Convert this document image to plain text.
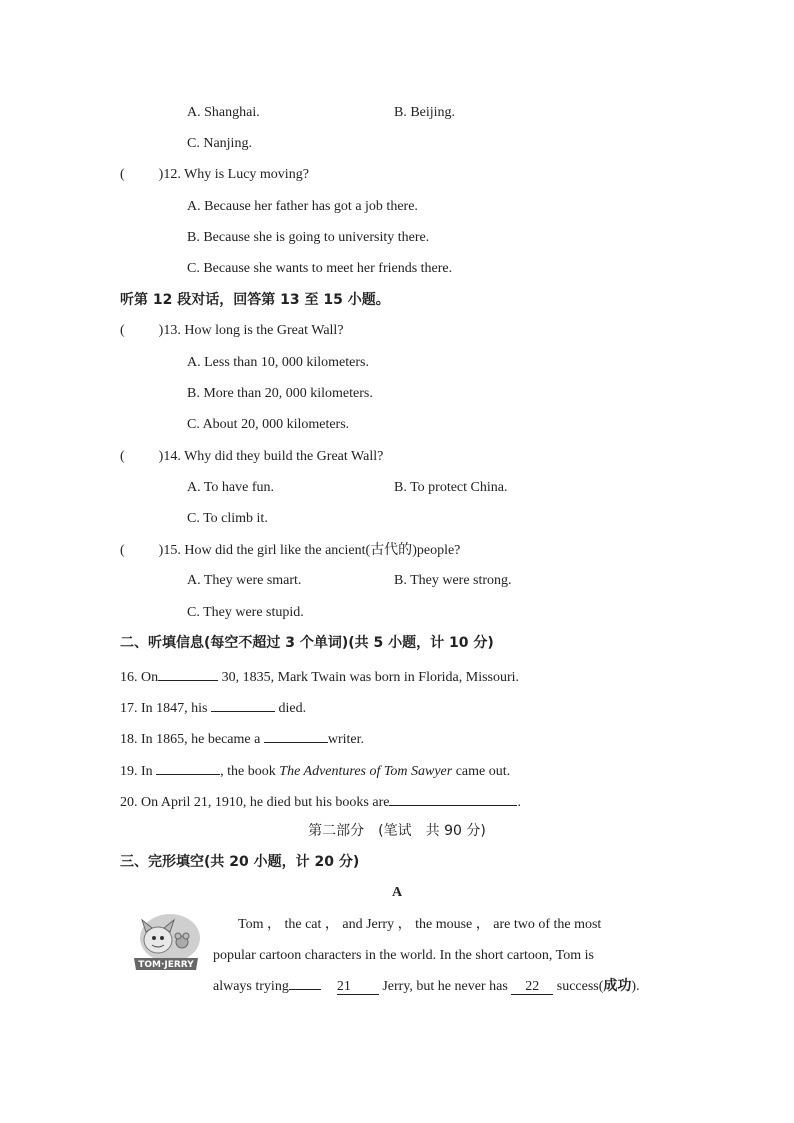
A. Shanghai.	B. Beijing.
C. Nanjing.
( )12. Why is Lucy moving?
A. Because her father has got a job there.
B. Because she is going to university there.
C. Because she wants to meet her friends there.
听第 12 段对话，回答第 13 至 15 小题。
( )13. How long is the Great Wall?
A. Less than 10, 000 kilometers.
B. More than 20, 000 kilometers.
C. About 20, 000 kilometers.
( )14. Why did they build the Great Wall?
A. To have fun.	B. To protect China.
C. To climb it.
( )15. How did the girl like the ancient(古代的)people?
A. They were smart.	B. They were strong.
C. They were stupid.
二、听填信息(每空不超过 3 个单词)(共 5 小题，计 10 分)
16. On	30, 1835, Mark Twain was born in Florida, Missouri.
17. In 1847, his	died.
18. In 1865, he became a	writer.
19. In	, the book The Adventures of Tom Sawyer came out.
20. On April 21, 1910, he died but his books are	.
第二部分　(笔试　共 90 分)
三、完形填空(共 20 小题，计 20 分)
A
TOM·JERRY
Tom ， the cat ， and Jerry ， the mouse ， are two of the most
popular cartoon characters in the world. In the short cartoon, Tom is
always trying	21 Jerry, but he never has 22 success(成功).
